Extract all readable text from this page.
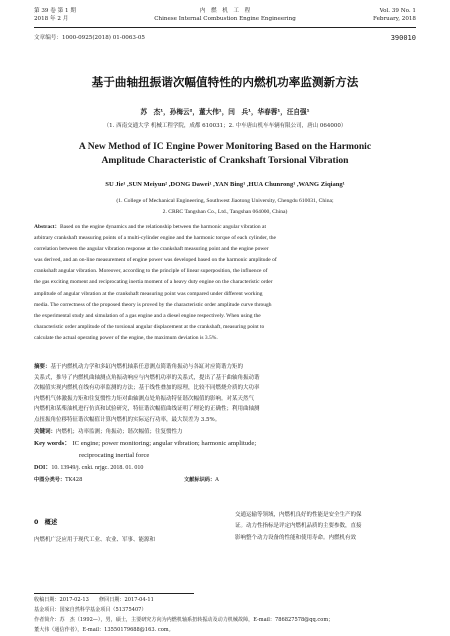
第 39 卷 第 1 期
2018 年 2 月
内　燃　机　工　程
Chinese Internal Combustion Engine Engineering
Vol. 39 No. 1
February, 2018
文章编号：1000-0925(2018) 01-0063-05	390010
基于曲轴扭振谐次幅值特性的内燃机功率监测新方法
苏　杰¹，孙梅云²，董大伟¹，闫　兵¹，华春蓉¹，汪自强¹
（1. 西南交通大学 机械工程学院，成都 610031；2. 中车唐山机车车辆有限公司，唐山 064000）
A New Method of IC Engine Power Monitoring Based on the Harmonic
Amplitude Characteristic of Crankshaft Torsional Vibration
SU Jie¹ ,SUN Meiyun² ,DONG Dawei¹ ,YAN Bing¹ ,HUA Chunrong¹ ,WANG Ziqiang¹
(1. College of Mechanical Engineering, Southwest Jiaotong University, Chengdu 610031, China;
2. CRRC Tangshan Co., Ltd., Tangshan 064000, China)
Abstract：Based on the engine dynamics and the relationship between the harmonic angular vibration at
arbitrary crankshaft measuring points of a multi-cylinder engine and the harmonic torque of each cylinder, the
correlation between the angular vibration response at the crankshaft measuring point and the engine power
was derived, and an on-line measurement of engine power was developed based on the harmonic amplitude of
crankshaft angular vibration. Moreover, according to the principle of linear superposition, the influence of
the gas exciting moment and reciprocating inertia moment of a heavy duty engine on the characteristic order
amplitude of angular vibration at the crankshaft measuring point was compared under different working
media. The correctness of the proposed theory is proved by the characteristic order amplitude curve through
the experimental study and simulation of a gas engine and a diesel engine respectively. When using the
characteristic order amplitude of the torsional angular displacement at the crankshaft, measuring point to
calculate the actual operating power of the engine, the maximum deviation is 3.5%.
摘要：基于内燃机动力学和多缸内燃机轴系任意测点简谐角振动与各缸对应简谐力矩的
关系式，推导了内燃机曲轴测点角振动响应与内燃机功率的关系式，提出了基于曲轴角振动谐
次幅值实现内燃机在线有功率监测的方法；基于线性叠加的原理，比较不同燃烧介质的大功率
内燃机气体激振力矩和往复惯性力矩对曲轴测点处角振动特征谐次幅值的影响。对某天然气
内燃机和某柴油机进行仿真和试验研究，特征谐次幅值曲线证明了理论的正确性；利用曲轴测
点扭振角位移特征谐次幅值计算内燃机的实际运行功率，最大误差为 3.5%。
关键词：内燃机；功率监测；角振动；谐次幅值；往复惯性力
Key words： IC engine; power monitoring; angular vibration; harmonic amplitude;
reciprocating inertial force
DOI：10. 13949/j. cnki. nrjgc. 2018. 01. 010
中图分类号：TK428	文献标识码：A
0　概述
内燃机广泛应用于现代工业、农业、军事、能源和
交通运输等领域，内燃机良好的性能是安全生产的保
证。动力性指标是评定内燃机品质的主要参数，直接
影响整个动力设备的性能和使用寿命。内燃机有效
收稿日期：2017-02-13　　修回日期：2017-04-11
基金项目：国家自然科学基金项目（51375407）
作者简介：苏　杰（1992—），男，硕士，主要研究方向为内燃机轴系扭转振动及动力机械故障，E-mail：786827578@qq.com；
董大伟（通信作者），E-mail：13550179688@163. com。
